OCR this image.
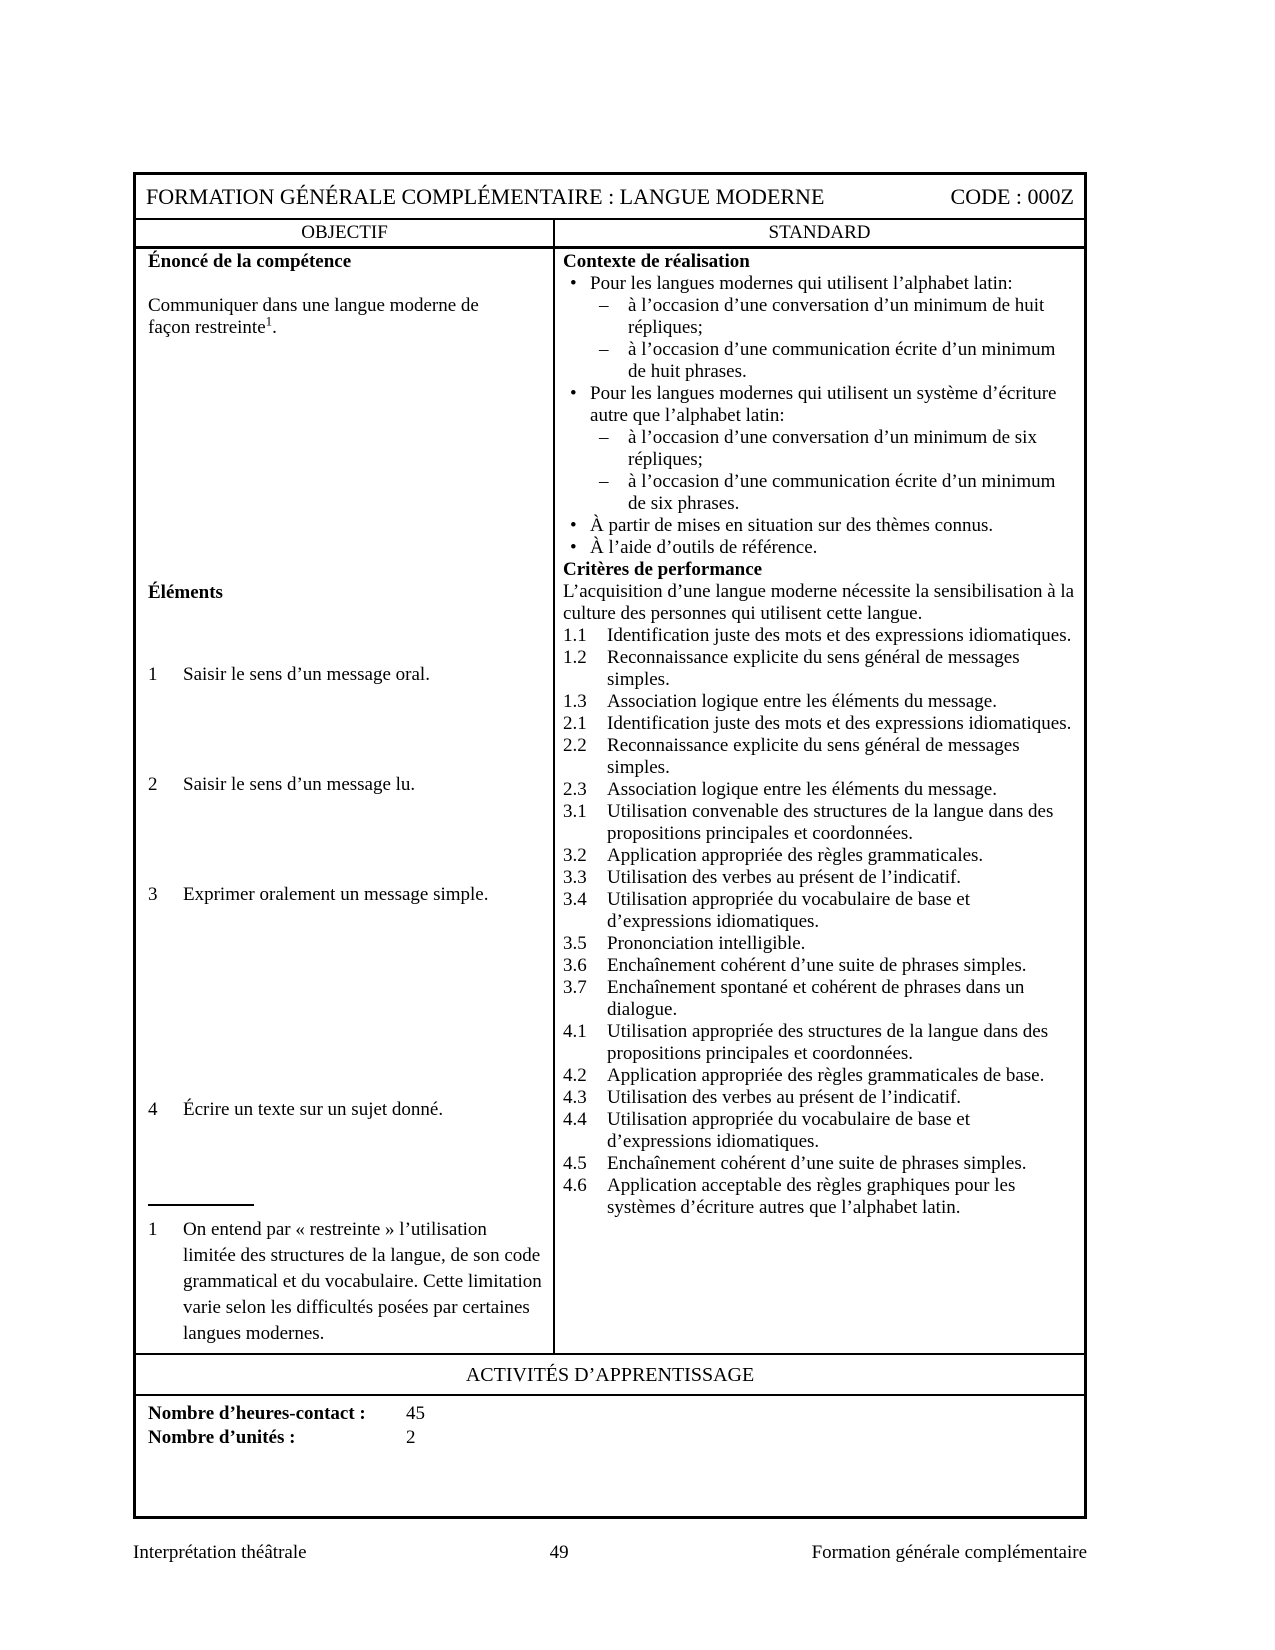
FORMATION GÉNÉRALE COMPLÉMENTAIRE : LANGUE MODERNE	CODE : 000Z
OBJECTIF	STANDARD
Énoncé de la compétence

Communiquer dans une langue moderne de façon restreinte$^1$.

Éléments
1	Saisir le sens d’un message oral.
2	Saisir le sens d’un message lu.
3	Exprimer oralement un message simple.
4	Écrire un texte sur un sujet donné.
1	On entend par « restreinte » l’utilisation limitée des structures de la langue, de son code grammatical et du vocabulaire. Cette limitation varie selon les difficultés posées par certaines langues modernes.
Contexte de réalisation
• Pour les langues modernes qui utilisent l’alphabet latin:
–	à l’occasion d’une conversation d’un minimum de huit répliques;
–	à l’occasion d’une communication écrite d’un minimum de huit phrases.
• Pour les langues modernes qui utilisent un système d’écriture autre que l’alphabet latin:
–	à l’occasion d’une conversation d’un minimum de six répliques;
–	à l’occasion d’une communication écrite d’un minimum de six phrases.
• À partir de mises en situation sur des thèmes connus.
• À l’aide d’outils de référence.
Critères de performance

L’acquisition d’une langue moderne nécessite la sensibilisation à la culture des personnes qui utilisent cette langue.

1.1	Identification juste des mots et des expressions idiomatiques.
1.2	Reconnaissance explicite du sens général de messages simples.
1.3	Association logique entre les éléments du message.
2.1	Identification juste des mots et des expressions idiomatiques.
2.2	Reconnaissance explicite du sens général de messages simples.
2.3	Association logique entre les éléments du message.
3.1	Utilisation convenable des structures de la langue dans des propositions principales et coordonnées.
3.2	Application appropriée des règles grammaticales.
3.3	Utilisation des verbes au présent de l’indicatif.
3.4	Utilisation appropriée du vocabulaire de base et d’expressions idiomatiques.
3.5	Prononciation intelligible.
3.6	Enchaînement cohérent d’une suite de phrases simples.
3.7	Enchaînement spontané et cohérent de phrases dans un dialogue.
4.1	Utilisation appropriée des structures de la langue dans des propositions principales et coordonnées.
4.2	Application appropriée des règles grammaticales de base.
4.3	Utilisation des verbes au présent de l’indicatif.
4.4	Utilisation appropriée du vocabulaire de base et d’expressions idiomatiques.
4.5	Enchaînement cohérent d’une suite de phrases simples.
4.6	Application acceptable des règles graphiques pour les systèmes d’écriture autres que l’alphabet latin.
ACTIVITÉS D’APPRENTISSAGE
Nombre d’heures-contact :	45
Nombre d’unités :	2
Interprétation théâtrale	49	Formation générale complémentaire
